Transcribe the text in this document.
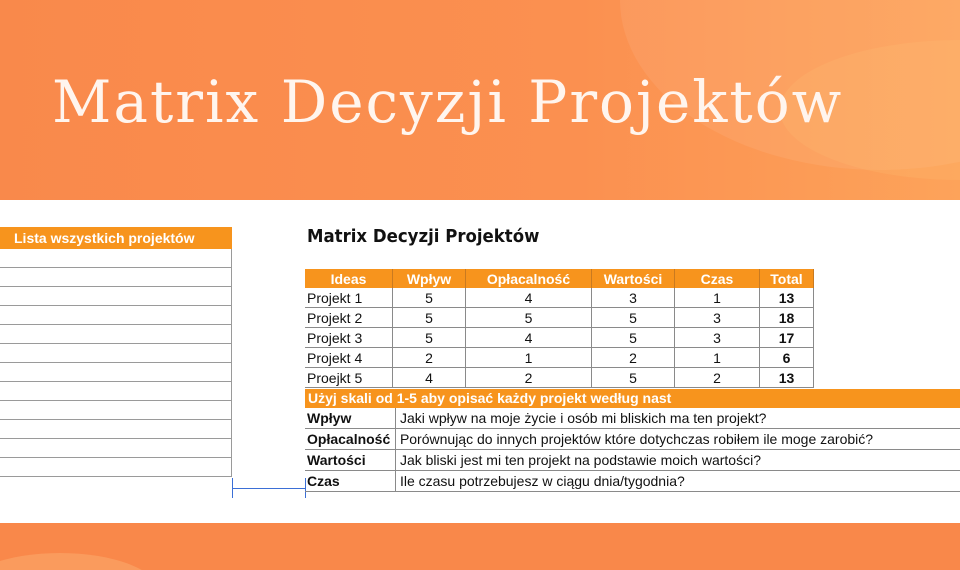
Matrix Decyzji Projektów
Lista wszystkich projektów	Matrix Decyzji Projektów
Ideas	Wpływ	Opłacalność	Wartości	Czas	Total
Projekt 1	5	4	3	1	13
Projekt 2	5	5	5	3	18
Projekt 3	5	4	5	3	17
Projekt 4	2	1	2	1	6
Proejkt 5	4	2	5	2	13
Użyj skali od 1-5 aby opisać każdy projekt według nast
Wpływ	Jaki wpływ na moje życie i osób mi bliskich ma ten projekt?
Opłacalność	Porównując do innych projektów które dotychczas robiłem ile moge zarobić?
Wartości	Jak bliski jest mi ten projekt na podstawie moich wartości?
Czas	Ile czasu potrzebujesz w ciągu dnia/tygodnia?
